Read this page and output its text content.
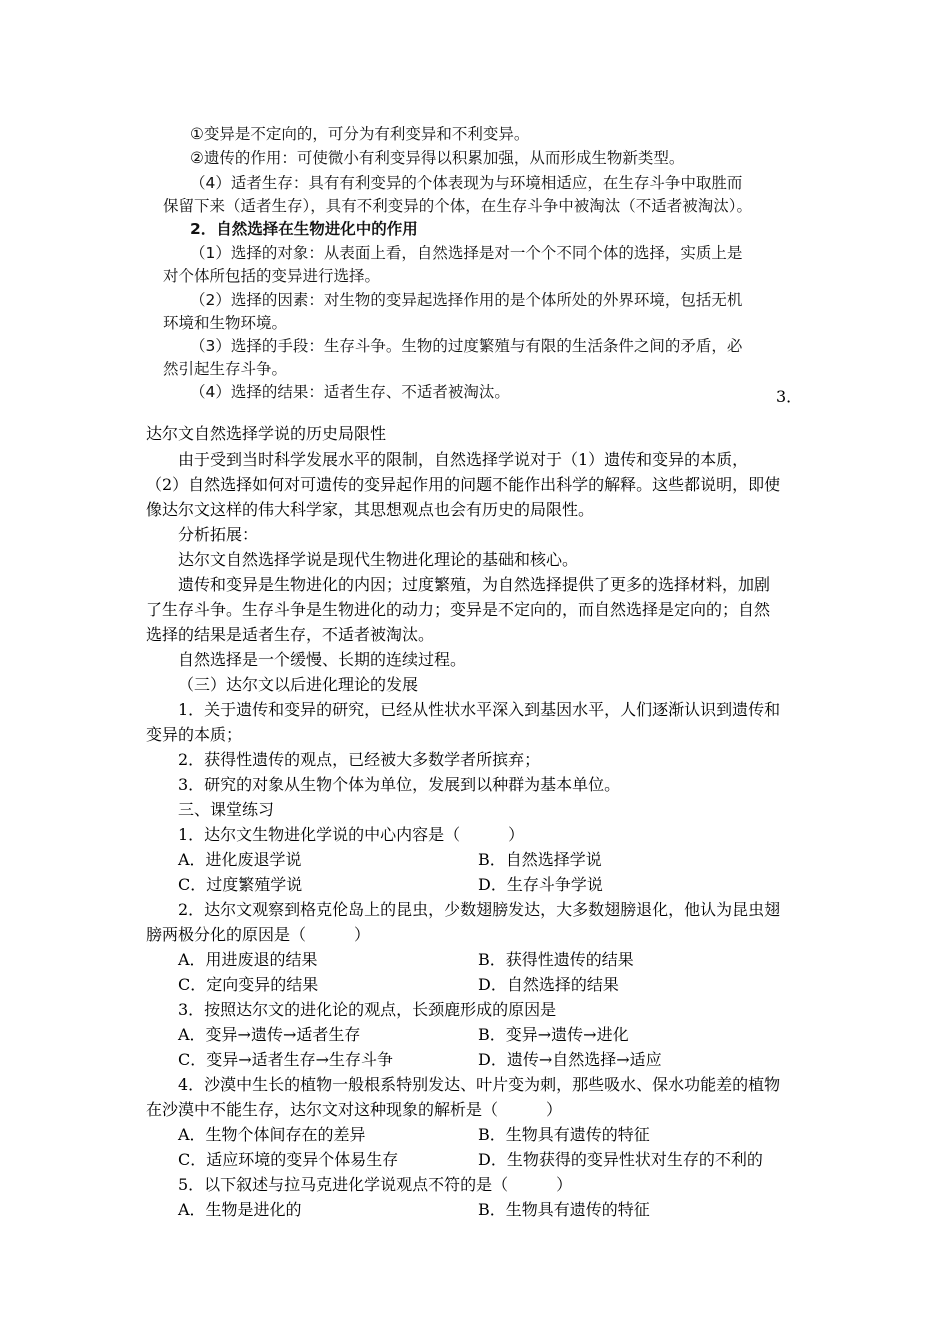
①变异是不定向的，可分为有利变异和不利变异。
②遗传的作用：可使微小有利变异得以积累加强，从而形成生物新类型。
（4）适者生存：具有有利变异的个体表现为与环境相适应，在生存斗争中取胜而
保留下来（适者生存），具有不利变异的个体，在生存斗争中被淘汰（不适者被淘汰）。
2．自然选择在生物进化中的作用
（1）选择的对象：从表面上看，自然选择是对一个个不同个体的选择，实质上是
对个体所包括的变异进行选择。
（2）选择的因素：对生物的变异起选择作用的是个体所处的外界环境，包括无机
环境和生物环境。
（3）选择的手段：生存斗争。生物的过度繁殖与有限的生活条件之间的矛盾，必
然引起生存斗争。
（4）选择的结果：适者生存、不适者被淘汰。	3．
达尔文自然选择学说的历史局限性
由于受到当时科学发展水平的限制，自然选择学说对于（1）遗传和变异的本质，
（2）自然选择如何对可遗传的变异起作用的问题不能作出科学的解释。这些都说明，即使
像达尔文这样的伟大科学家，其思想观点也会有历史的局限性。
分析拓展：
达尔文自然选择学说是现代生物进化理论的基础和核心。
遗传和变异是生物进化的内因；过度繁殖，为自然选择提供了更多的选择材料，加剧
了生存斗争。生存斗争是生物进化的动力；变异是不定向的，而自然选择是定向的；自然
选择的结果是适者生存，不适者被淘汰。
自然选择是一个缓慢、长期的连续过程。
（三）达尔文以后进化理论的发展
1．关于遗传和变异的研究，已经从性状水平深入到基因水平，人们逐渐认识到遗传和
变异的本质；
2．获得性遗传的观点，已经被大多数学者所摈弃；
3．研究的对象从生物个体为单位，发展到以种群为基本单位。
三、课堂练习
1．达尔文生物进化学说的中心内容是（　　　）
A．进化废退学说	B．自然选择学说
C．过度繁殖学说	D．生存斗争学说
2．达尔文观察到格克伦岛上的昆虫，少数翅膀发达，大多数翅膀退化，他认为昆虫翅
膀两极分化的原因是（　　　）
A．用进废退的结果	B．获得性遗传的结果
C．定向变异的结果	D．自然选择的结果
3．按照达尔文的进化论的观点，长颈鹿形成的原因是
A．变异→遗传→适者生存	B．变异→遗传→进化
C．变异→适者生存→生存斗争	D．遗传→自然选择→适应
4．沙漠中生长的植物一般根系特别发达、叶片变为刺，那些吸水、保水功能差的植物
在沙漠中不能生存，达尔文对这种现象的解析是（　　　）
A．生物个体间存在的差异	B．生物具有遗传的特征
C．适应环境的变异个体易生存	D．生物获得的变异性状对生存的不利的
5．以下叙述与拉马克进化学说观点不符的是（　　　）
A．生物是进化的	B．生物具有遗传的特征
